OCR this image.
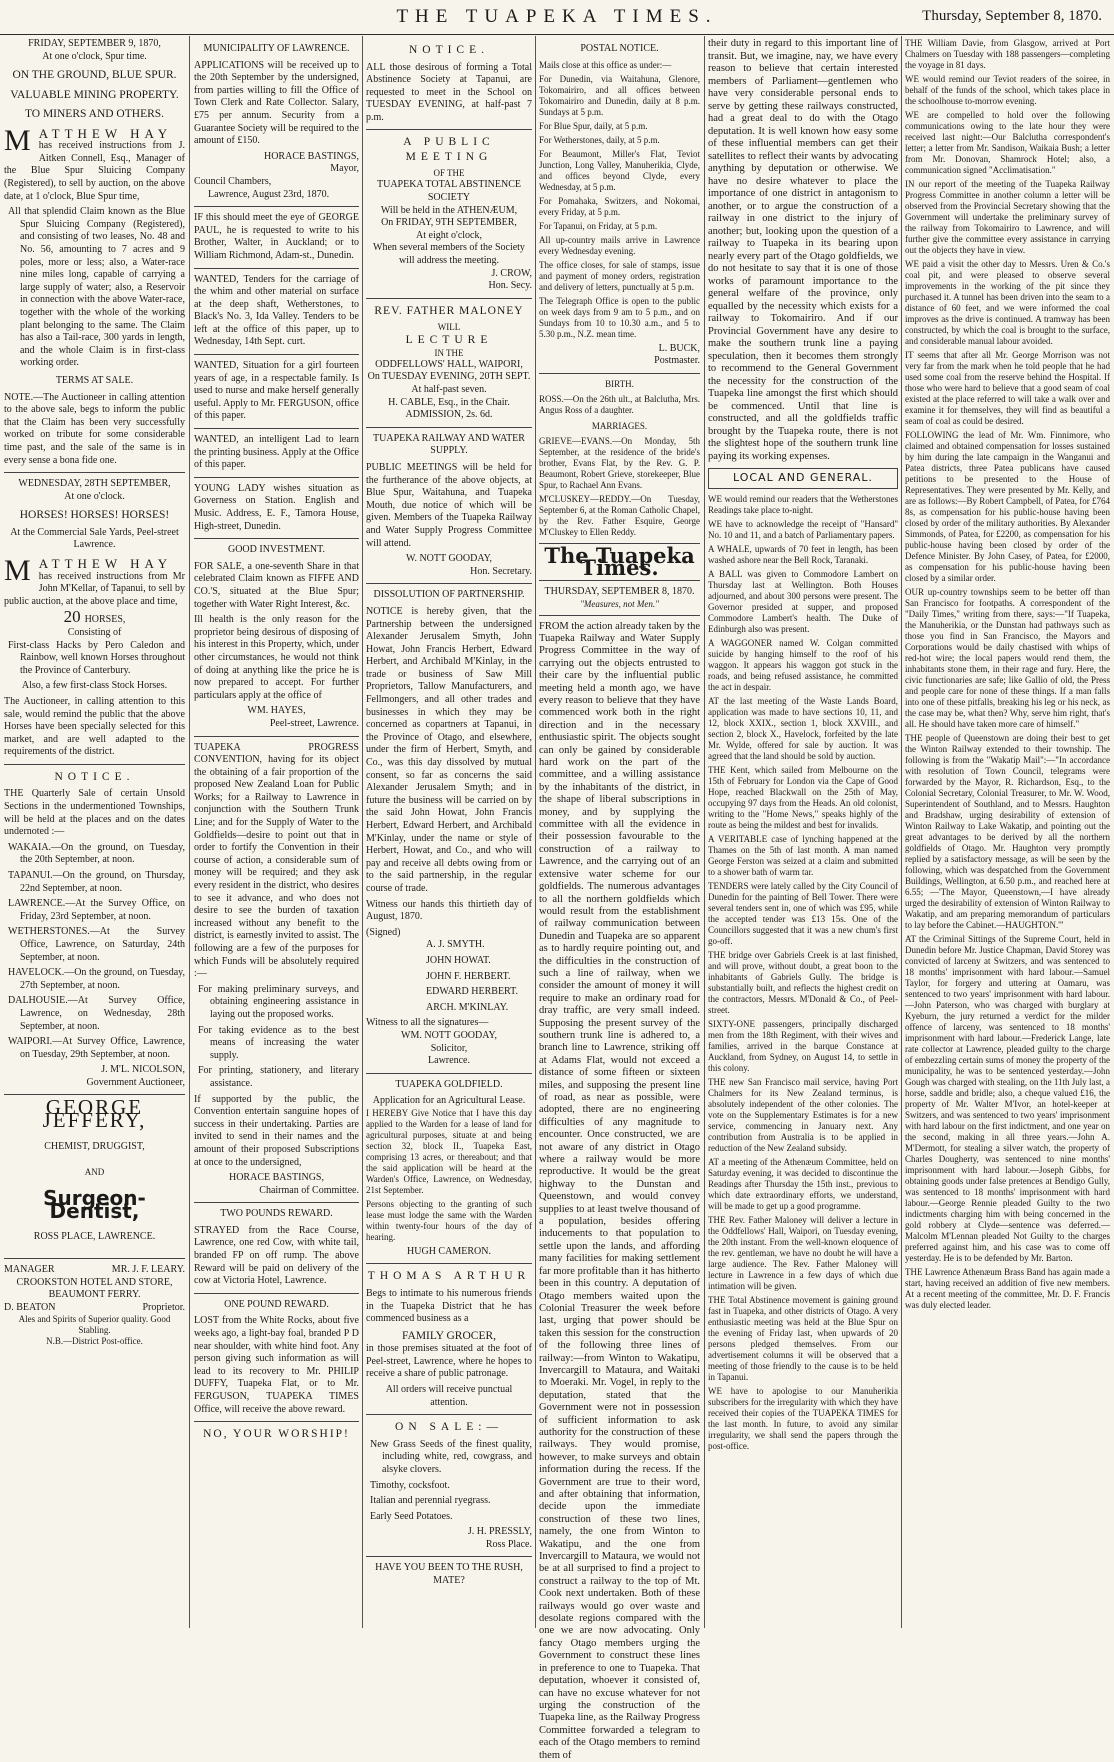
THE TUAPEKA TIMES.	Thursday, September 8, 1870.
FRIDAY, SEPTEMBER 9, 1870,
At one o'clock, Spur time.
ON THE GROUND, BLUE SPUR.
VALUABLE MINING PROPERTY.
TO MINERS AND OTHERS.
MATTHEW HAY

has received instructions from J. Aitken Connell, Esq., Manager of the Blue Spur Sluicing Company (Registered), to sell by auction, on the above date, at 1 o'clock, Blue Spur time,

All that splendid Claim known as the Blue Spur Sluicing Company (Registered), and consisting of two leases, No. 48 and No. 56, amounting to 7 acres and 9 poles, more or less; also, a Water-race nine miles long, capable of carrying a large supply of water; also, a Reservoir in connection with the above Water-race, together with the whole of the working plant belonging to the same. The Claim has also a Tail-race, 300 yards in length, and the whole Claim is in first-class working order.

TERMS AT SALE.

NOTE.—The Auctioneer in calling attention to the above sale, begs to inform the public that the Claim has been very successfully worked on tribute for some considerable time past, and the sale of the same is in every sense a bona fide one.

WEDNESDAY, 28TH SEPTEMBER,
At one o'clock.
HORSES! HORSES! HORSES!
At the Commercial Sale Yards, Peel-street Lawrence.
MATTHEW HAY

has received instructions from Mr John M'Kellar, of Tapanui, to sell by public auction, at the above place and time,

20 HORSES,
Consisting of

First-class Hacks by Pero Caledon and Rainbow, well known Horses throughout the Province of Canterbury.

Also, a few first-class Stock Horses.

The Auctioneer, in calling attention to this sale, would remind the public that the above Horses have been specially selected for this market, and are well adapted to the requirements of the district.

NOTICE.

THE Quarterly Sale of certain Unsold Sections in the undermentioned Townships, will be held at the places and on the dates undernoted :—

WAKAIA.—On the ground, on Tuesday, the 20th September, at noon.

TAPANUI.—On the ground, on Thursday, 22nd September, at noon.

LAWRENCE.—At the Survey Office, on Friday, 23rd September, at noon.

WETHERSTONES.—At the Survey Office, Lawrence, on Saturday, 24th September, at noon.

HAVELOCK.—On the ground, on Tuesday, 27th September, at noon.

DALHOUSIE.—At Survey Office, Lawrence, on Wednesday, 28th September, at noon.

WAIPORI.—At Survey Office, Lawrence, on Tuesday, 29th September, at noon.

J. M'L. NICOLSON,
Government Auctioneer,
GEORGE JEFFERY,
CHEMIST, DRUGGIST,
AND
Surgeon-Dentist,
ROSS PLACE, LAWRENCE.
MANAGER	MR. J. F. LEARY.
CROOKSTON HOTEL AND STORE, BEAUMONT FERRY.
D. BEATON	Proprietor.
Ales and Spirits of Superior quality. Good Stabling.
N.B.—District Post-office.
MUNICIPALITY OF LAWRENCE.

APPLICATIONS will be received up to the 20th September by the undersigned, from parties willing to fill the Office of Town Clerk and Rate Collector. Salary, £75 per annum. Security from a Guarantee Society will be required to the amount of £150.

HORACE BASTINGS,
Mayor,
Council Chambers,
Lawrence, August 23rd, 1870.

IF this should meet the eye of GEORGE PAUL, he is requested to write to his Brother, Walter, in Auckland; or to William Richmond, Adam-st., Dunedin.

WANTED, Tenders for the carriage of the whim and other material on surface at the deep shaft, Wetherstones, to Black's No. 3, Ida Valley. Tenders to be left at the office of this paper, up to Wednesday, 14th Sept. curt.

WANTED, Situation for a girl fourteen years of age, in a respectable family. Is used to nurse and make herself generally useful. Apply to Mr. FERGUSON, office of this paper.

WANTED, an intelligent Lad to learn the printing business. Apply at the Office of this paper.

YOUNG LADY wishes situation as Governess on Station. English and Music. Address, E. F., Tamora House, High-street, Dunedin.

GOOD INVESTMENT.

FOR SALE, a one-seventh Share in that celebrated Claim known as FIFFE AND CO.'S, situated at the Blue Spur; together with Water Right Interest, &c.

Ill health is the only reason for the proprietor being desirous of disposing of his interest in this Property, which, under other circumstances, he would not think of doing at anything like the price he is now prepared to accept. For further particulars apply at the office of

WM. HAYES,
Peel-street, Lawrence.

TUAPEKA PROGRESS CONVENTION, having for its object the obtaining of a fair proportion of the proposed New Zealand Loan for Public Works; for a Railway to Lawrence in conjunction with the Southern Trunk Line; and for the Supply of Water to the Goldfields—desire to point out that in order to fortify the Convention in their course of action, a considerable sum of money will be required; and they ask every resident in the district, who desires to see it advance, and who does not desire to see the burden of taxation increased without any benefit to the district, is earnestly invited to assist. The following are a few of the purposes for which Funds will be absolutely required :—

For making preliminary surveys, and obtaining engineering assistance in laying out the proposed works.

For taking evidence as to the best means of increasing the water supply.

For printing, stationery, and literary assistance.

If supported by the public, the Convention entertain sanguine hopes of success in their undertaking. Parties are invited to send in their names and the amount of their proposed Subscriptions at once to the undersigned,

HORACE BASTINGS,
Chairman of Committee.
TWO POUNDS REWARD.

STRAYED from the Race Course, Lawrence, one red Cow, with white tail, branded FP on off rump. The above Reward will be paid on delivery of the cow at Victoria Hotel, Lawrence.

ONE POUND REWARD.

LOST from the White Rocks, about five weeks ago, a light-bay foal, branded P D near shoulder, with white hind foot. Any person giving such information as will lead to its recovery to Mr. PHILIP DUFFY, Tuapeka Flat, or to Mr. FERGUSON, TUAPEKA TIMES Office, will receive the above reward.

NO, YOUR WORSHIP!
NOTICE.

ALL those desirous of forming a Total Abstinence Society at Tapanui, are requested to meet in the School on TUESDAY EVENING, at half-past 7 p.m.

A PUBLIC MEETING
OF THE
TUAPEKA TOTAL ABSTINENCE SOCIETY
Will be held in the ATHENÆUM,
On FRIDAY, 9TH SEPTEMBER,
At eight o'clock,
When several members of the Society will address the meeting.
J. CROW,
Hon. Secy.
REV. FATHER MALONEY
WILL
LECTURE
IN THE
ODDFELLOWS' HALL, WAIPORI,
On TUESDAY EVENING, 20TH SEPT.
At half-past seven.
H. CABLE, Esq., in the Chair.
ADMISSION, 2s. 6d.
TUAPEKA RAILWAY AND WATER SUPPLY.

PUBLIC MEETINGS will be held for the furtherance of the above objects, at Blue Spur, Waitahuna, and Tuapeka Mouth, due notice of which will be given. Members of the Tuapeka Railway and Water Supply Progress Committee will attend.

W. NOTT GOODAY,
Hon. Secretary.
DISSOLUTION OF PARTNERSHIP.

NOTICE is hereby given, that the Partnership between the undersigned Alexander Jerusalem Smyth, John Howat, John Francis Herbert, Edward Herbert, and Archibald M'Kinlay, in the trade or business of Saw Mill Proprietors, Tallow Manufacturers, and Fellmongers, and all other trades and businesses in which they may be concerned as copartners at Tapanui, in the Province of Otago, and elsewhere, under the firm of Herbert, Smyth, and Co., was this day dissolved by mutual consent, so far as concerns the said Alexander Jerusalem Smyth; and in future the business will be carried on by the said John Howat, John Francis Herbert, Edward Herbert, and Archibald M'Kinlay, under the name or style of Herbert, Howat, and Co., and who will pay and receive all debts owing from or to the said partnership, in the regular course of trade.

Witness our hands this thirtieth day of August, 1870.

(Signed)

A. J. SMYTH.

JOHN HOWAT.

JOHN F. HERBERT.

EDWARD HERBERT.

ARCH. M'KINLAY.

Witness to all the signatures—
WM. NOTT GOODAY,
Solicitor,
Lawrence.
TUAPEKA GOLDFIELD.
Application for an Agricultural Lease.

I HEREBY Give Notice that I have this day applied to the Warden for a lease of land for agricultural purposes, situate at and being section 32, block II., Tuapeka East, comprising 13 acres, or thereabout; and that the said application will be heard at the Warden's Office, Lawrence, on Wednesday, 21st September.

Persons objecting to the granting of such lease must lodge the same with the Warden within twenty-four hours of the day of hearing.

HUGH CAMERON.
THOMAS ARTHUR

Begs to intimate to his numerous friends in the Tuapeka District that he has commenced business as a

FAMILY GROCER,

in those premises situated at the foot of Peel-street, Lawrence, where he hopes to receive a share of public patronage.

All orders will receive punctual attention.

ON SALE:—

New Grass Seeds of the finest quality, including white, red, cowgrass, and alsyke clovers.

Timothy, cocksfoot.

Italian and perennial ryegrass.

Early Seed Potatoes.

J. H. PRESSLY,
Ross Place.
HAVE YOU BEEN TO THE RUSH, MATE?
POSTAL NOTICE.

Mails close at this office as under:—

For Dunedin, via Waitahuna, Glenore, Tokomairiro, and all offices between Tokomairiro and Dunedin, daily at 8 p.m. Sundays at 5 p.m.

For Blue Spur, daily, at 5 p.m.

For Wetherstones, daily, at 5 p.m.

For Beaumont, Miller's Flat, Teviot Junction, Long Valley, Manuherikia, Clyde, and offices beyond Clyde, every Wednesday, at 5 p.m.

For Pomahaka, Switzers, and Nokomai, every Friday, at 5 p.m.

For Tapanui, on Friday, at 5 p.m.

All up-country mails arrive in Lawrence every Wednesday evening.

The office closes, for sale of stamps, issue and payment of money orders, registration and delivery of letters, punctually at 5 p.m.

The Telegraph Office is open to the public on week days from 9 am to 5 p.m., and on Sundays from 10 to 10.30 a.m., and 5 to 5.30 p.m., N.Z. mean time.

L. BUCK,
Postmaster.
BIRTH.

ROSS.—On the 26th ult., at Balclutha, Mrs. Angus Ross of a daughter.

MARRIAGES.

GRIEVE—EVANS.—On Monday, 5th September, at the residence of the bride's brother, Evans Flat, by the Rev. G. P. Beaumont, Robert Grieve, storekeeper, Blue Spur, to Rachael Ann Evans.

M'CLUSKEY—REDDY.—On Tuesday, September 6, at the Roman Catholic Chapel, by the Rev. Father Esquire, George M'Cluskey to Ellen Reddy.

The Tuapeka Times.
THURSDAY, SEPTEMBER 8, 1870.
"Measures, not Men."

FROM the action already taken by the Tuapeka Railway and Water Supply Progress Committee in the way of carrying out the objects entrusted to their care by the influential public meeting held a month ago, we have every reason to believe that they have commenced work both in the right direction and in the necessary enthusiastic spirit. The objects sought can only be gained by considerable hard work on the part of the committee, and a willing assistance by the inhabitants of the district, in the shape of liberal subscriptions in money, and by supplying the committee with all the evidence in their possession favourable to the construction of a railway to Lawrence, and the carrying out of an extensive water scheme for our goldfields. The numerous advantages to all the northern goldfields which would result from the establishment of railway communication between Dunedin and Tuapeka are so apparent as to hardly require pointing out, and the difficulties in the construction of such a line of railway, when we consider the amount of money it will require to make an ordinary road for dray traffic, are very small indeed. Supposing the present survey of the southern trunk line is adhered to, a branch line to Lawrence, striking off at Adams Flat, would not exceed a distance of some fifteen or sixteen miles, and supposing the present line of road, as near as possible, were adopted, there are no engineering difficulties of any magnitude to encounter. Once constructed, we are not aware of any district in Otago where a railway would be more reproductive. It would be the great highway to the Dunstan and Queenstown, and would convey supplies to at least twelve thousand of a population, besides offering inducements to that population to settle upon the lands, and affording many facilities for making settlement far more profitable than it has hitherto been in this country. A deputation of Otago members waited upon the Colonial Treasurer the week before last, urging that power should be taken this session for the construction of the following three lines of railway:—from Winton to Wakatipu, Invercargill to Mataura, and Waitaki to Moeraki. Mr. Vogel, in reply to the deputation, stated that the Government were not in possession of sufficient information to ask authority for the construction of these railways. They would promise, however, to make surveys and obtain information during the recess. If the Government are true to their word, and after obtaining that information, decide upon the immediate construction of these two lines, namely, the one from Winton to Wakatipu, and the one from Invercargill to Mataura, we would not be at all surprised to find a project to construct a railway to the top of Mt. Cook next undertaken. Both of these railways would go over waste and desolate regions compared with the one we are now advocating. Only fancy Otago members urging the Government to construct these lines in preference to one to Tuapeka. That deputation, whoever it consisted of, can have no excuse whatever for not urging the construction of the Tuapeka line, as the Railway Progress Committee forwarded a telegram to each of the Otago members to remind them of

their duty in regard to this important line of transit. But, we imagine, nay, we have every reason to believe that certain interested members of Parliament—gentlemen who have very considerable personal ends to serve by getting these railways constructed, had a great deal to do with the Otago deputation. It is well known how easy some of these influential members can get their satellites to reflect their wants by advocating anything by deputation or otherwise. We have no desire whatever to place the importance of one district in antagonism to another, or to argue the construction of a railway in one district to the injury of another; but, looking upon the question of a railway to Tuapeka in its bearing upon nearly every part of the Otago goldfields, we do not hesitate to say that it is one of those works of paramount importance to the general welfare of the province, only equalled by the necessity which exists for a railway to Tokomairiro. And if our Provincial Government have any desire to make the southern trunk line a paying speculation, then it becomes them strongly to recommend to the General Government the necessity for the construction of the Tuapeka line amongst the first which should be commenced. Until that line is constructed, and all the goldfields traffic brought by the Tuapeka route, there is not the slightest hope of the southern trunk line paying its working expenses.

LOCAL AND GENERAL.

WE would remind our readers that the Wetherstones Readings take place to-night.

WE have to acknowledge the receipt of "Hansard" No. 10 and 11, and a batch of Parliamentary papers.

A WHALE, upwards of 70 feet in length, has been washed ashore near the Bell Rock, Taranaki.

A BALL was given to Commodore Lambert on Thursday last at Wellington. Both Houses adjourned, and about 300 persons were present. The Governor presided at supper, and proposed Commodore Lambert's health. The Duke of Edinburgh also was present.

A WAGGONER named W. Colgan committed suicide by hanging himself to the roof of his waggon. It appears his waggon got stuck in the roads, and being refused assistance, he committed the act in despair.

AT the last meeting of the Waste Lands Board, application was made to have sections 10, 11, and 12, block XXIX., section 1, block XXVIII., and section 2, block X., Havelock, forfeited by the late Mr. Wylde, offered for sale by auction. It was agreed that the land should be sold by auction.

THE Kent, which sailed from Melbourne on the 15th of February for London via the Cape of Good Hope, reached Blackwall on the 25th of May, occupying 97 days from the Heads. An old colonist, writing to the "Home News," speaks highly of the route as being the mildest and best for invalids.

A VERITABLE case of lynching happened at the Thames on the 5th of last month. A man named George Ferston was seized at a claim and submitted to a shower bath of warm tar.

TENDERS were lately called by the City Council of Dunedin for the painting of Bell Tower. There were several tenders sent in, one of which was £95, while the accepted tender was £13 15s. One of the Councillors suggested that it was a new chum's first go-off.

THE bridge over Gabriels Creek is at last finished, and will prove, without doubt, a great boon to the inhabitants of Gabriels Gully. The bridge is substantially built, and reflects the highest credit on the contractors, Messrs. M'Donald & Co., of Peel-street.

SIXTY-ONE passengers, principally discharged men from the 18th Regiment, with their wives and families, arrived in the barque Constance at Auckland, from Sydney, on August 14, to settle in this colony.

THE new San Francisco mail service, having Port Chalmers for its New Zealand terminus, is absolutely independent of the other colonies. The vote on the Supplementary Estimates is for a new service, commencing in January next. Any contribution from Australia is to be applied in reduction of the New Zealand subsidy.

AT a meeting of the Athenæum Committee, held on Saturday evening, it was decided to discontinue the Readings after Thursday the 15th inst., previous to which date extraordinary efforts, we understand, will be made to get up a good programme.

THE Rev. Father Maloney will deliver a lecture in the Oddfellows' Hall, Waipori, on Tuesday evening, the 20th instant. From the well-known eloquence of the rev. gentleman, we have no doubt he will have a large audience. The Rev. Father Maloney will lecture in Lawrence in a few days of which due intimation will be given.

THE Total Abstinence movement is gaining ground fast in Tuapeka, and other districts of Otago. A very enthusiastic meeting was held at the Blue Spur on the evening of Friday last, when upwards of 20 persons pledged themselves. From our advertisement columns it will be observed that a meeting of those friendly to the cause is to be held in Tapanui.

WE have to apologise to our Manuherikia subscribers for the irregularity with which they have received their copies of the TUAPEKA TIMES for the last month. In future, to avoid any similar irregularity, we shall send the papers through the post-office.

THE William Davie, from Glasgow, arrived at Port Chalmers on Tuesday with 188 passengers—completing the voyage in 81 days.

WE would remind our Teviot readers of the soiree, in behalf of the funds of the school, which takes place in the schoolhouse to-morrow evening.

WE are compelled to hold over the following communications owing to the late hour they were received last night:—Our Balclutha correspondent's letter; a letter from Mr. Sandison, Waikaia Bush; a letter from Mr. Donovan, Shamrock Hotel; also, a communication signed "Acclimatisation."

IN our report of the meeting of the Tuapeka Railway Progress Committee in another column a letter will be observed from the Provincial Secretary showing that the Government will undertake the preliminary survey of the railway from Tokomairiro to Lawrence, and will further give the committee every assistance in carrying out the objects they have in view.

WE paid a visit the other day to Messrs. Uren & Co.'s coal pit, and were pleased to observe several improvements in the working of the pit since they purchased it. A tunnel has been driven into the seam to a distance of 60 feet, and we were informed the coal improves as the drive is continued. A tramway has been constructed, by which the coal is brought to the surface, and considerable manual labour avoided.

IT seems that after all Mr. George Morrison was not very far from the mark when he told people that he had used some coal from the reserve behind the Hospital. If those who were hard to believe that a good seam of coal existed at the place referred to will take a walk over and examine it for themselves, they will find as beautiful a seam of coal as could be desired.

FOLLOWING the lead of Mr. Wm. Finnimore, who claimed and obtained compensation for losses sustained by him during the late campaign in the Wanganui and Patea districts, three Patea publicans have caused petitions to be presented to the House of Representatives. They were presented by Mr. Kelly, and are as follows:—By Robert Campbell, of Patea, for £764 8s, as compensation for his public-house having been closed by order of the military authorities. By Alexander Simmonds, of Patea, for £2200, as compensation for his public-house having been closed by order of the Defence Minister. By John Casey, of Patea, for £2000, as compensation for his public-house having been closed by a similar order.

OUR up-country townships seem to be better off than San Francisco for footpaths. A correspondent of the "Daily Times," writing from there, says:—"If Tuapeka, the Manuherikia, or the Dunstan had pathways such as those you find in San Francisco, the Mayors and Corporations would be daily chastised with whips of red-hot wire; the local papers would rend them, the inhabitants stone them, in their rage and fury. Here, the civic functionaries are safe; like Gallio of old, the Press and people care for none of these things. If a man falls into one of these pitfalls, breaking his leg or his neck, as the case may be, what then? Why, serve him right, that's all. He should have taken more care of himself."

THE people of Queenstown are doing their best to get the Winton Railway extended to their township. The following is from the "Wakatip Mail":—"In accordance with resolution of Town Council, telegrams were forwarded by the Mayor, R. Richardson, Esq., to the Colonial Secretary, Colonial Treasurer, to Mr. W. Wood, Superintendent of Southland, and to Messrs. Haughton and Bradshaw, urging desirability of extension of Winton Railway to Lake Wakatip, and pointing out the great advantages to be derived by all the northern goldfields of Otago. Mr. Haughton very promptly replied by a satisfactory message, as will be seen by the following, which was despatched from the Government Buildings, Wellington, at 6.50 p.m., and reached here at 6.55; —'The Mayor, Queenstown,—I have already urged the desirability of extension of Winton Railway to Wakatip, and am preparing memorandum of particulars to lay before the Cabinet.—HAUGHTON.'"

AT the Criminal Sittings of the Supreme Court, held in Dunedin before Mr. Justice Chapman, David Storey was convicted of larceny at Switzers, and was sentenced to 18 months' imprisonment with hard labour.—Samuel Taylor, for forgery and uttering at Oamaru, was sentenced to two years' imprisonment with hard labour.—John Paterson, who was charged with burglary at Kyeburn, the jury returned a verdict for the milder offence of larceny, was sentenced to 18 months' imprisonment with hard labour.—Frederick Lange, late rate collector at Lawrence, pleaded guilty to the charge of embezzling certain sums of money the property of the municipality, he was to be sentenced yesterday.—John Gough was charged with stealing, on the 11th July last, a horse, saddle and bridle; also, a cheque valued £16, the property of Mr. Walter M'Ivor, an hotel-keeper at Switzers, and was sentenced to two years' imprisonment with hard labour on the first indictment, and one year on the second, making in all three years.—John A. M'Dermott, for stealing a silver watch, the property of Charles Dougherty, was sentenced to nine months' imprisonment with hard labour.—Joseph Gibbs, for obtaining goods under false pretences at Bendigo Gully, was sentenced to 18 months' imprisonment with hard labour.—George Rennie pleaded Guilty to the two indictments charging him with being concerned in the gold robbery at Clyde—sentence was deferred.—Malcolm M'Lennan pleaded Not Guilty to the charges preferred against him, and his case was to come off yesterday. He is to be defended by Mr. Barton.

THE Lawrence Athenæum Brass Band has again made a start, having received an addition of five new members. At a recent meeting of the committee, Mr. D. F. Francis was duly elected leader.
